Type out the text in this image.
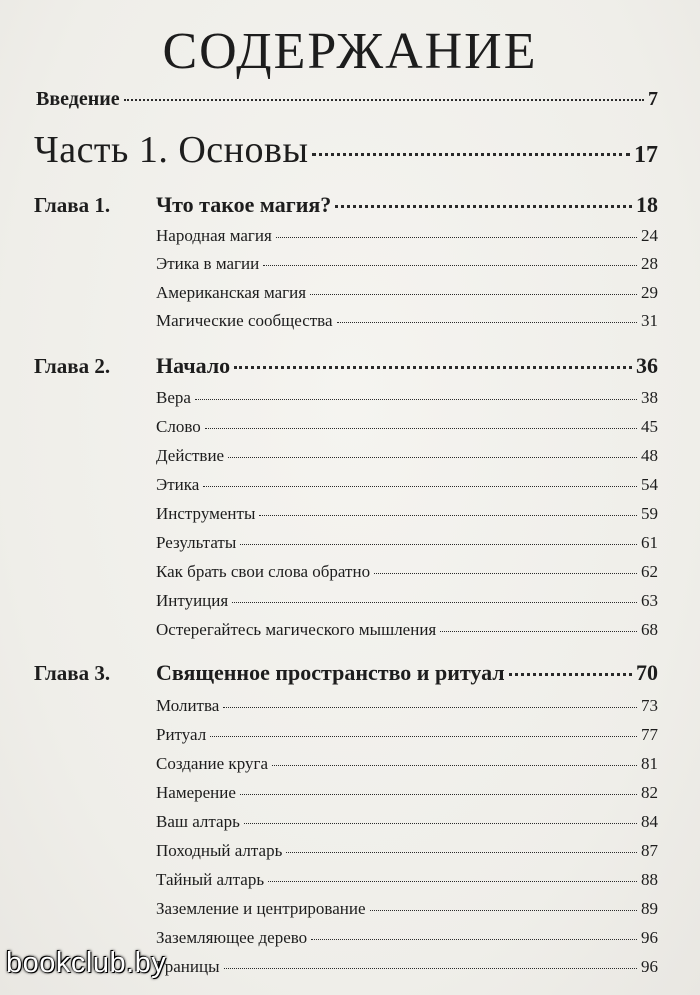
СОДЕРЖАНИЕ
Введение	7
Часть 1. Основы	17
Глава 1. Что такое магия?	18
Народная магия	24
Этика в магии	28
Американская магия	29
Магические сообщества	31
Глава 2. Начало	36
Вера	38
Слово	45
Действие	48
Этика	54
Инструменты	59
Результаты	61
Как брать свои слова обратно	62
Интуиция	63
Остерегайтесь магического мышления	68
Глава 3. Священное пространство и ритуал	70
Молитва	73
Ритуал	77
Создание круга	81
Намерение	82
Ваш алтарь	84
Походный алтарь	87
Тайный алтарь	88
Заземление и центрирование	89
Заземляющее дерево	96
Границы	96
bookclub.by
